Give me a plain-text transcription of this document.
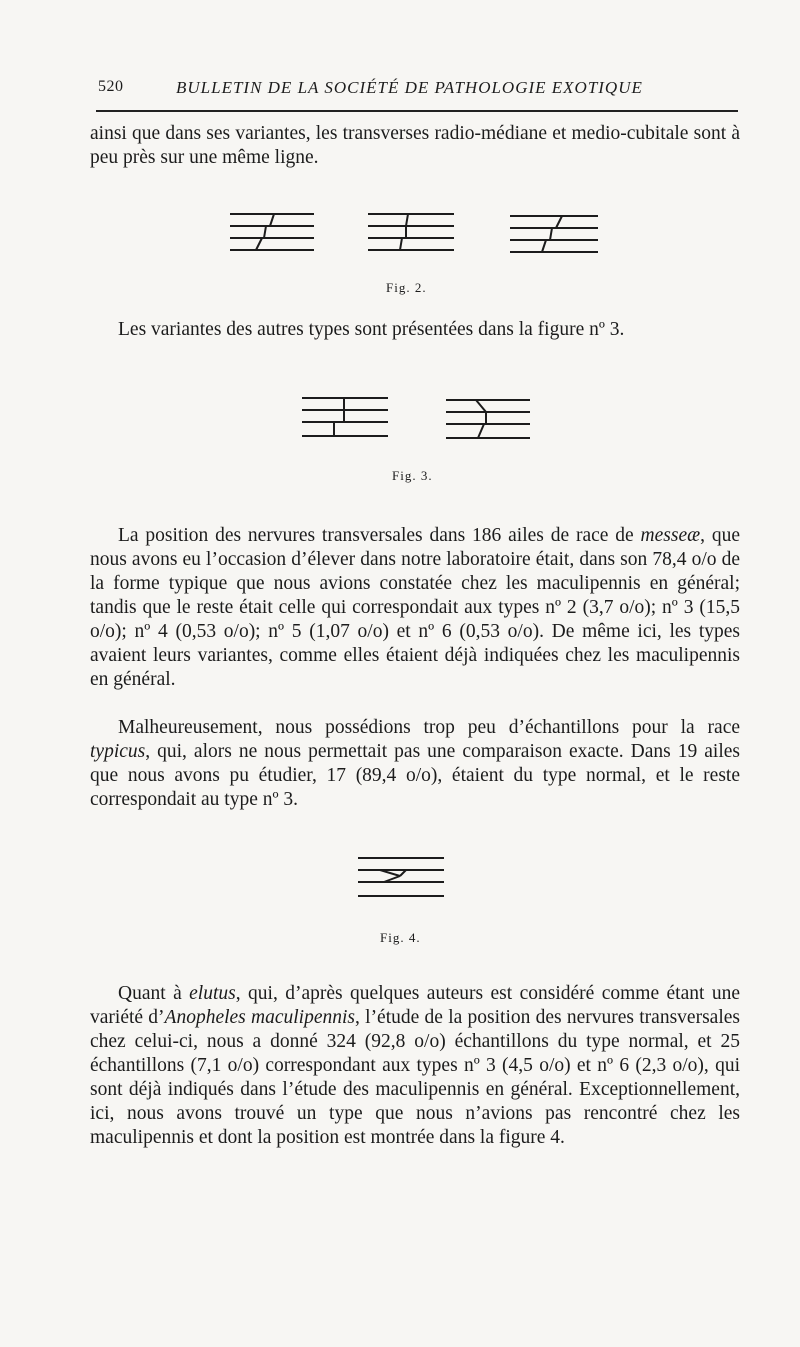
520	BULLETIN DE LA SOCIÉTÉ DE PATHOLOGIE EXOTIQUE

ainsi que dans ses variantes, les transverses radio-médiane et medio-cubitale sont à peu près sur une même ligne.

Fig. 2.

Les variantes des autres types sont présentées dans la figure nº 3.

Fig. 3.

La position des nervures transversales dans 186 ailes de race de messeæ, que nous avons eu l’occasion d’élever dans notre laboratoire était, dans son 78,4 o/o de la forme typique que nous avions constatée chez les maculipennis en général; tandis que le reste était celle qui correspondait aux types nº 2 (3,7 o/o); nº 3 (15,5 o/o); nº 4 (0,53 o/o); nº 5 (1,07 o/o) et nº 6 (0,53 o/o). De même ici, les types avaient leurs variantes, comme elles étaient déjà indiquées chez les maculipennis en général.

Malheureusement, nous possédions trop peu d’échantillons pour la race typicus, qui, alors ne nous permettait pas une comparaison exacte. Dans 19 ailes que nous avons pu étudier, 17 (89,4 o/o), étaient du type normal, et le reste correspondait au type nº 3.

Fig. 4.

Quant à elutus, qui, d’après quelques auteurs est considéré comme étant une variété d’Anopheles maculipennis, l’étude de la position des nervures transversales chez celui-ci, nous a donné 324 (92,8 o/o) échantillons du type normal, et 25 échantillons (7,1 o/o) correspondant aux types nº 3 (4,5 o/o) et nº 6 (2,3 o/o), qui sont déjà indiqués dans l’étude des maculipennis en général. Exceptionnellement, ici, nous avons trouvé un type que nous n’avions pas rencontré chez les maculipennis et dont la position est montrée dans la figure 4.
